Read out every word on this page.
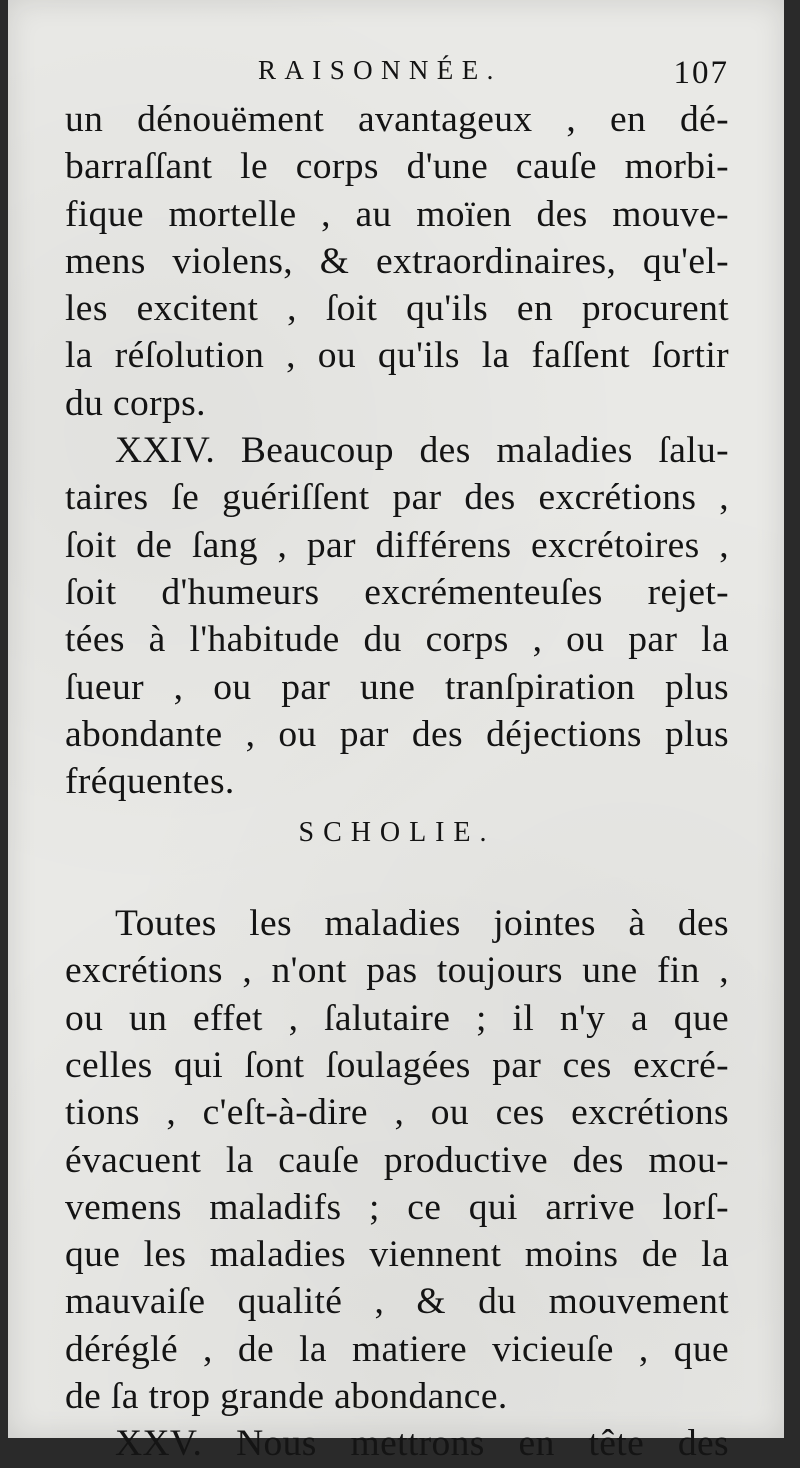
RAISONNÉE.	107
un dénouëment avantageux , en dé-
barraſſant le corps d'une cauſe morbi-
fique mortelle , au moïen des mouve-
mens violens, & extraordinaires, qu'el-
les excitent , ſoit qu'ils en procurent
la réſolution , ou qu'ils la faſſent ſortir
du corps.
XXIV. Beaucoup des maladies ſalu-
taires ſe guériſſent par des excrétions ,
ſoit de ſang , par différens excrétoires ,
ſoit d'humeurs excrémenteuſes rejet-
tées à l'habitude du corps , ou par la
ſueur , ou par une tranſpiration plus
abondante , ou par des déjections plus
fréquentes.
SCHOLIE.
Toutes les maladies jointes à des
excrétions , n'ont pas toujours une fin ,
ou un effet , ſalutaire ; il n'y a que
celles qui ſont ſoulagées par ces excré-
tions , c'eſt-à-dire , ou ces excrétions
évacuent la cauſe productive des mou-
vemens maladifs ; ce qui arrive lorſ-
que les maladies viennent moins de la
mauvaiſe qualité , & du mouvement
déréglé , de la matiere vicieuſe , que
de ſa trop grande abondance.
XXV. Nous mettrons en tête des
